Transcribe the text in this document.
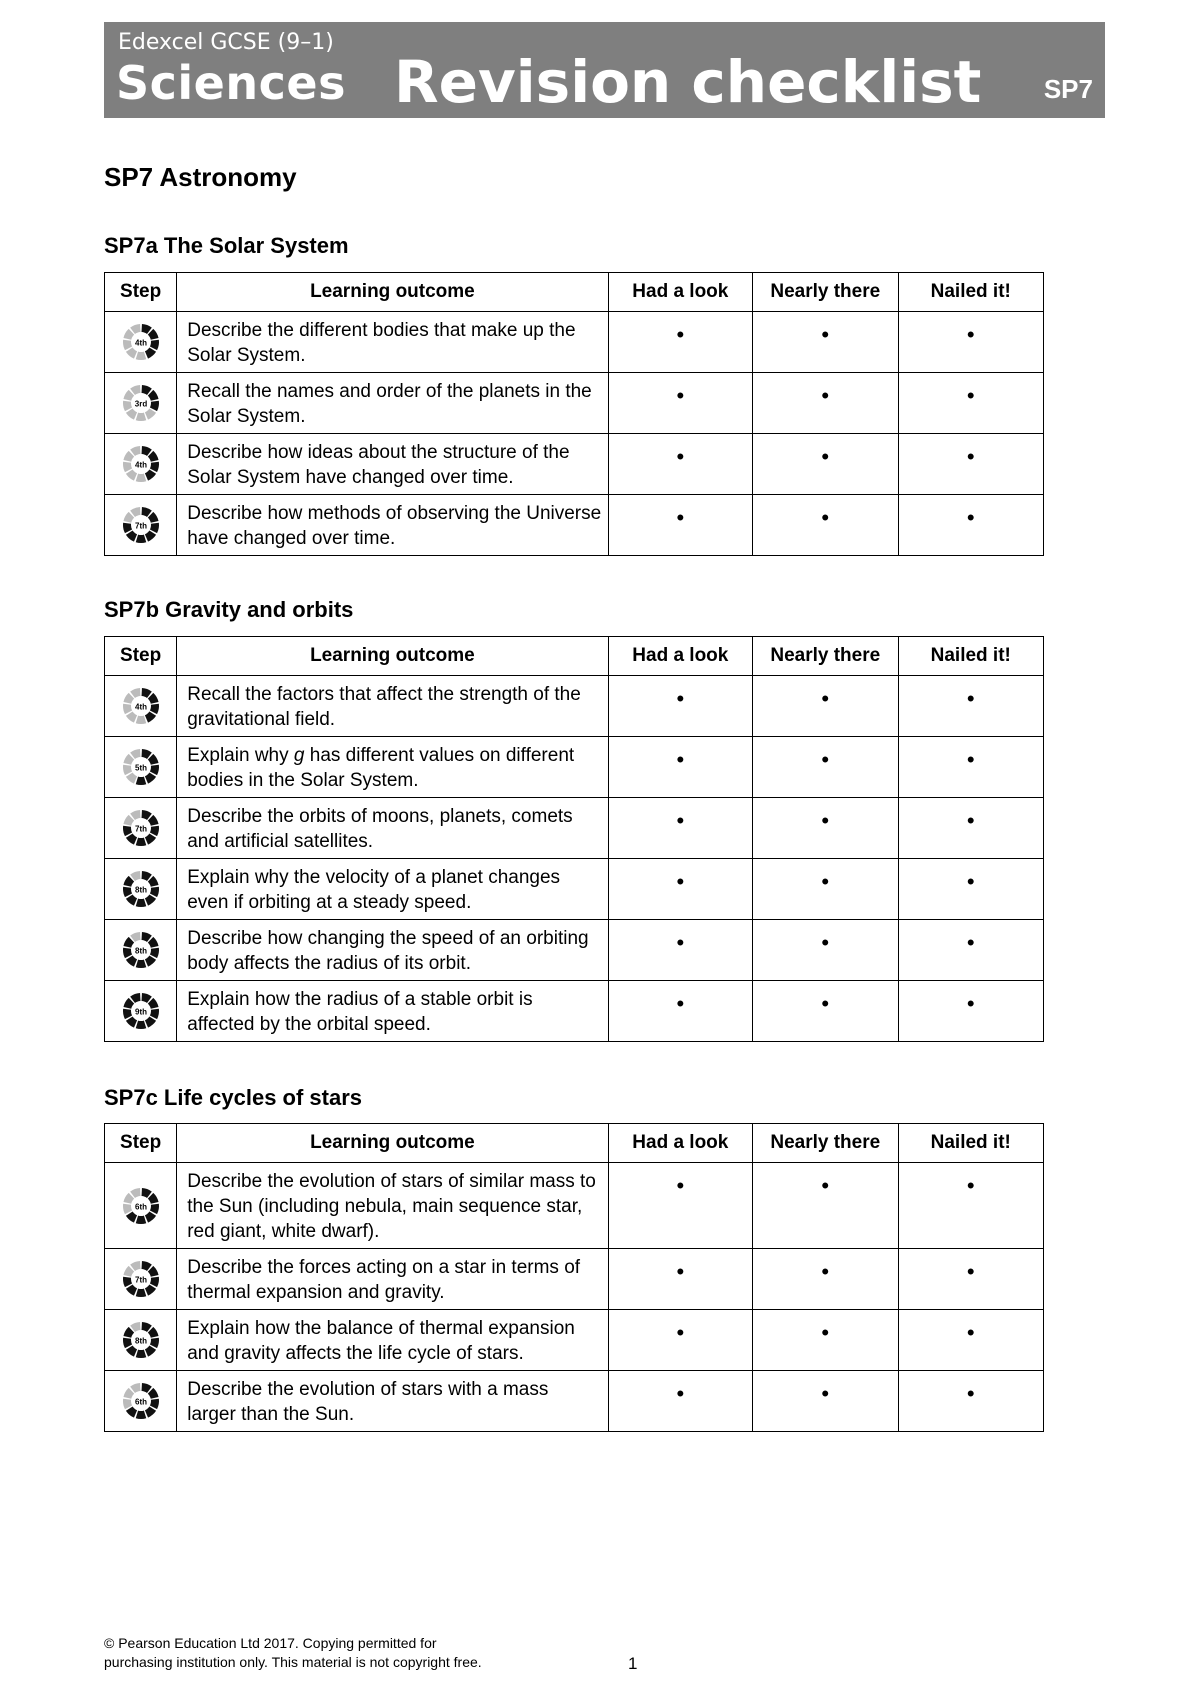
Edexcel GCSE (9–1)
Sciences Revision checklist SP7
SP7 Astronomy
SP7a The Solar System
Step	Learning outcome	Had a look	Nearly there	Nailed it!

4th	Describe the different bodies that make up the Solar System.	•	•	•

3rd	Recall the names and order of the planets in the Solar System.	•	•	•

4th	Describe how ideas about the structure of the Solar System have changed over time.	•	•	•

7th	Describe how methods of observing the Universe have changed over time.	•	•	•
SP7b Gravity and orbits
Step	Learning outcome	Had a look	Nearly there	Nailed it!

4th	Recall the factors that affect the strength of the gravitational field.	•	•	•

5th	Explain why g has different values on different bodies in the Solar System.	•	•	•

7th	Describe the orbits of moons, planets, comets and artificial satellites.	•	•	•

8th	Explain why the velocity of a planet changes even if orbiting at a steady speed.	•	•	•

8th	Describe how changing the speed of an orbiting body affects the radius of its orbit.	•	•	•

9th	Explain how the radius of a stable orbit is affected by the orbital speed.	•	•	•
SP7c Life cycles of stars
Step	Learning outcome	Had a look	Nearly there	Nailed it!

6th	Describe the evolution of stars of similar mass to the Sun (including nebula, main sequence star, red giant, white dwarf).	•	•	•

7th	Describe the forces acting on a star in terms of thermal expansion and gravity.	•	•	•

8th	Explain how the balance of thermal expansion and gravity affects the life cycle of stars.	•	•	•

6th	Describe the evolution of stars with a mass larger than the Sun.	•	•	•
© Pearson Education Ltd 2017. Copying permitted for
purchasing institution only. This material is not copyright free.	1
